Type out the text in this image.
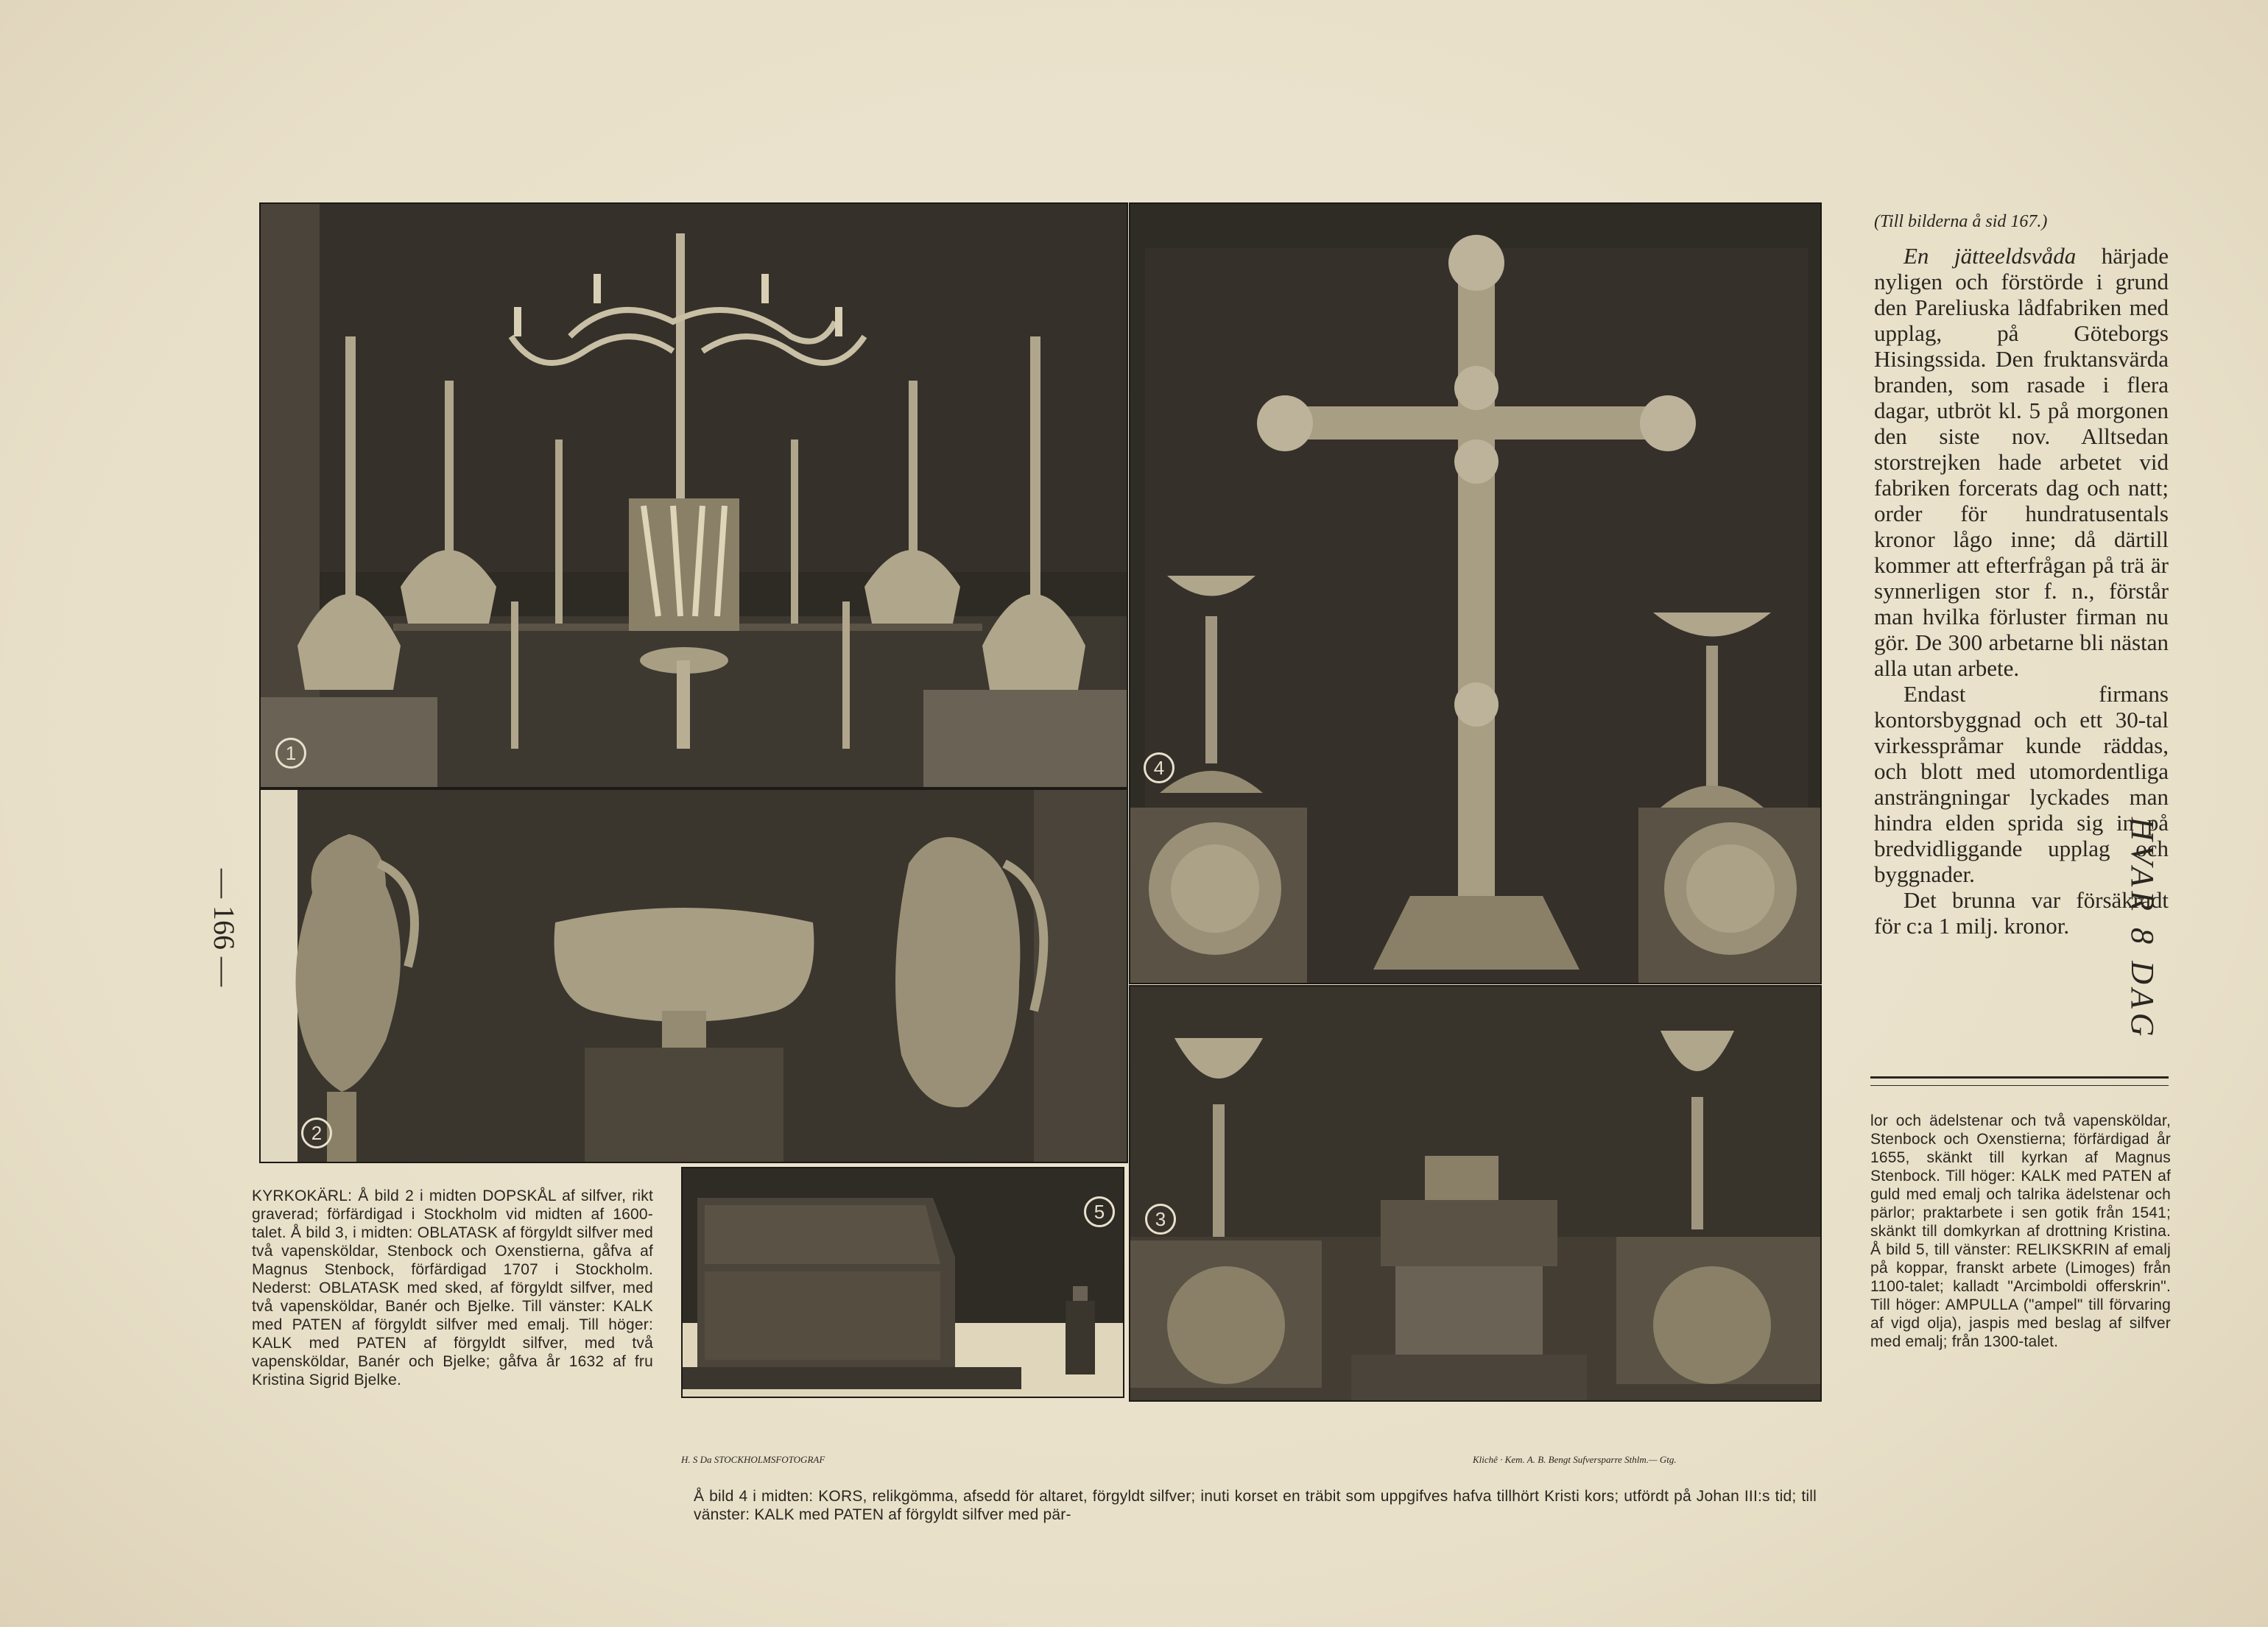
HVAR 8 DAG
1
4
2
3
5
H. S Da STOCKHOLMSFOTOGRAF	Klichê · Kem. A. B. Bengt Sufversparre Sthlm.— Gtg.
(Till bilderna å sid 167.)

En jätteeldsvåda härjade nyligen och förstörde i grund den Pareliuska lådfabriken med upplag, på Göteborgs Hisingssida. Den fruktansvärda branden, som rasade i flera dagar, utbröt kl. 5 på morgonen den siste nov. Alltsedan storstrejken hade arbetet vid fabriken forcerats dag och natt; order för hundratusentals kronor lågo inne; då därtill kommer att efterfrågan på trä är synnerligen stor f. n., förstår man hvilka förluster firman nu gör. De 300 arbetarne bli nästan alla utan arbete.

Endast firmans kontorsbyggnad och ett 30-tal virkesspråmar kunde räddas, och blott med utomordentliga ansträngningar lyckades man hindra elden sprida sig in på bredvidliggande upplag och byggnader.

Det brunna var försäkradt för c:a 1 milj. kronor.

KYRKOKÄRL: Å bild 2 i midten DOPSKÅL af silfver, rikt graverad; förfärdigad i Stockholm vid midten af 1600-talet. Å bild 3, i midten: OBLATASK af förgyldt silfver med två vapensköldar, Stenbock och Oxenstierna, gåfva af Magnus Stenbock, förfärdigad 1707 i Stockholm. Nederst: OBLATASK med sked, af förgyldt silfver, med två vapensköldar, Banér och Bjelke. Till vänster: KALK med PATEN af förgyldt silfver med emalj. Till höger: KALK med PATEN af förgyldt silfver, med två vapensköldar, Banér och Bjelke; gåfva år 1632 af fru Kristina Sigrid Bjelke.

Å bild 4 i midten: KORS, relikgömma, afsedd för altaret, förgyldt silfver; inuti korset en träbit som uppgifves hafva tillhört Kristi kors; utfördt på Johan III:s tid; till vänster: KALK med PATEN af förgyldt silfver med pär-

lor och ädelstenar och två vapensköldar, Stenbock och Oxenstierna; förfärdigad år 1655, skänkt till kyrkan af Magnus Stenbock. Till höger: KALK med PATEN af guld med emalj och talrika ädelstenar och pärlor; praktarbete i sen gotik från 1541; skänkt till domkyrkan af drottning Kristina. Å bild 5, till vänster: RELIKSKRIN af emalj på koppar, franskt arbete (Limoges) från 1100-talet; kalladt "Arcimboldi offerskrin". Till höger: AMPULLA ("ampel" till förvaring af vigd olja), jaspis med beslag af silfver med emalj; från 1300-talet.
